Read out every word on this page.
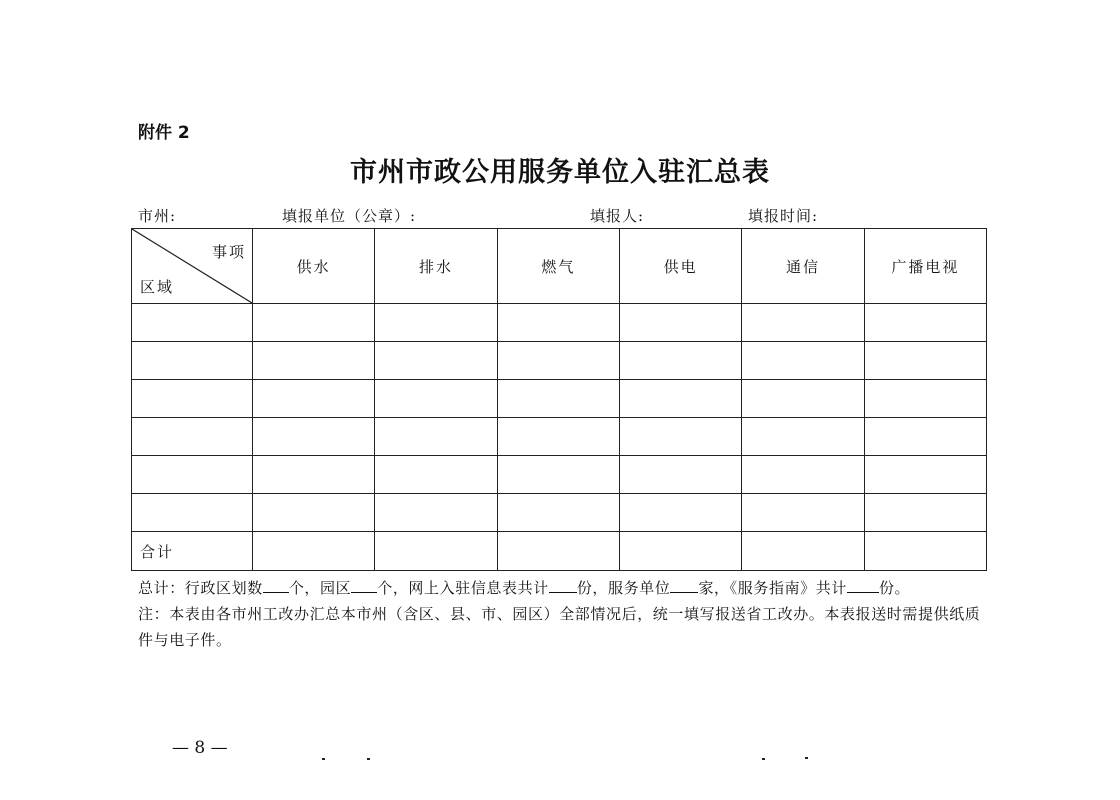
附件 2
市州市政公用服务单位入驻汇总表
市州:	填报单位（公章）:	填报人:	填报时间:
事项
区域	供水	排水	燃气	供电	通信	广播电视

合计						
总计：行政区划数 个，园区 个，网上入驻信息表共计 份，服务单位 家，《服务指南》共计 份。
注：本表由各市州工改办汇总本市州（含区、县、市、园区）全部情况后，统一填写报送省工改办。本表报送时需提供纸质件与电子件。
— 8 —
